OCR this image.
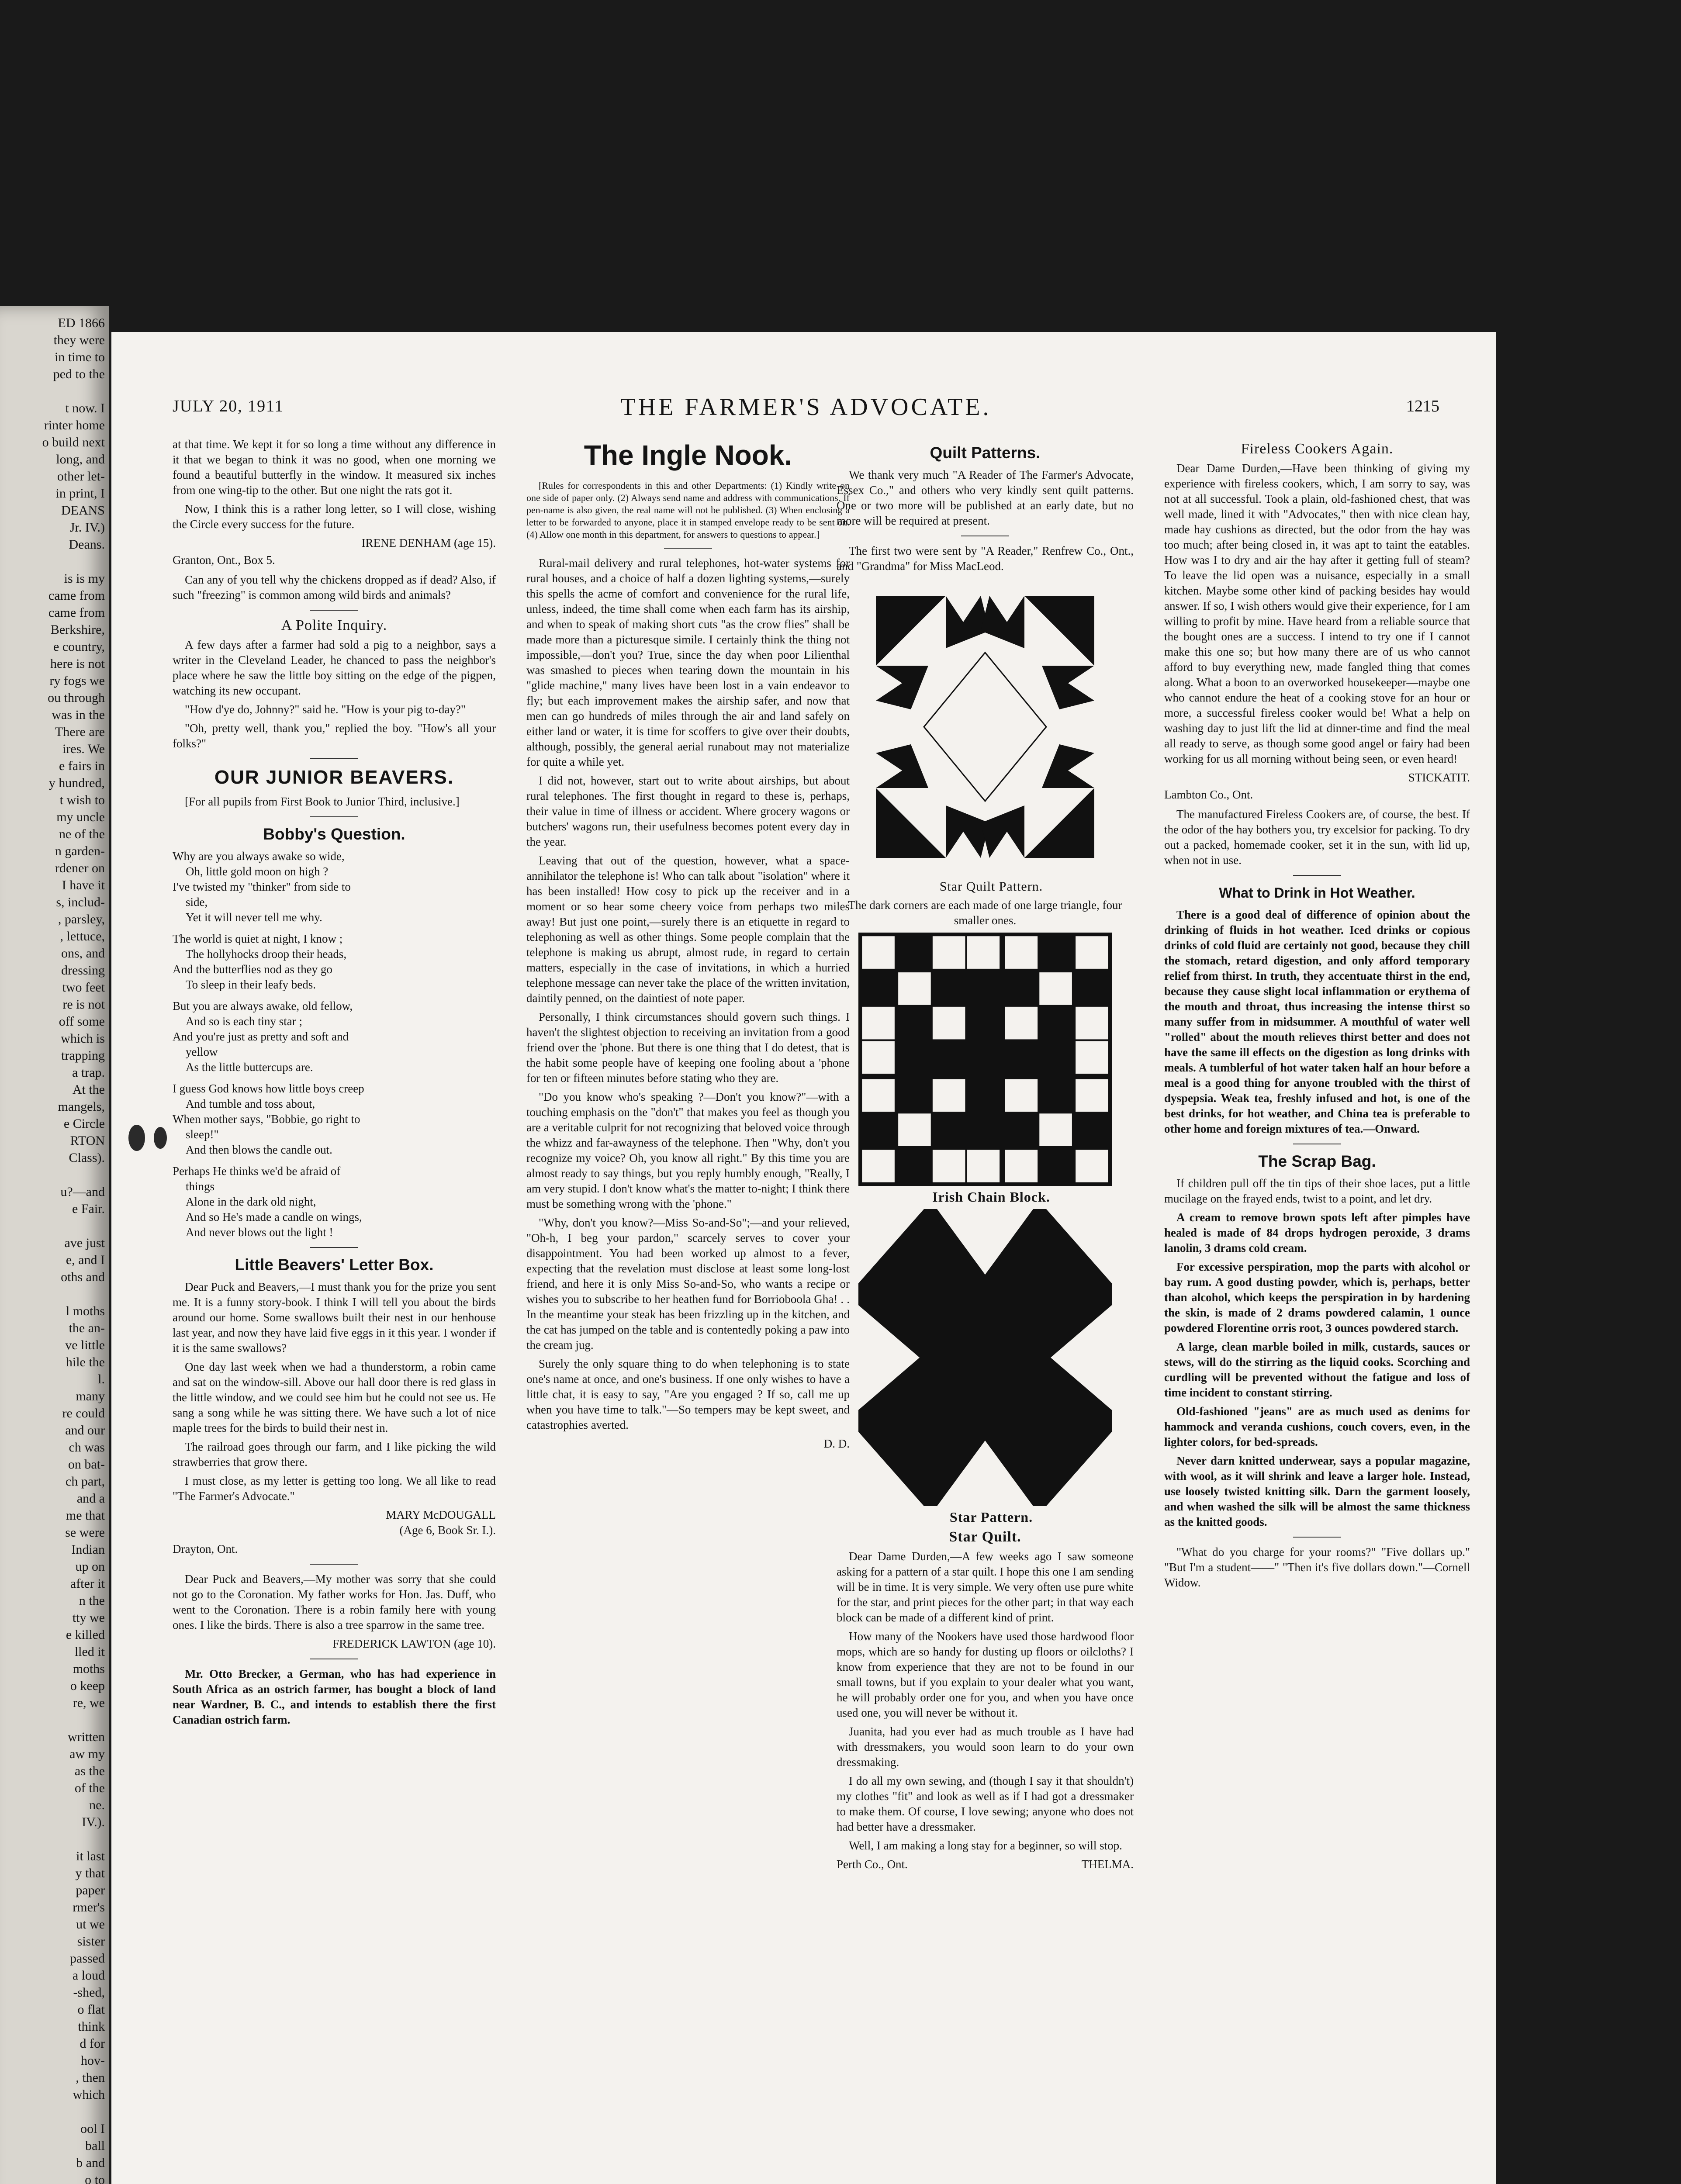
ED 1866
they were
in time to
ped to the
t now. I
rinter home
o build next
long, and
other let-
in print, I
DEANS
Jr. IV.)
Deans.
is is my
came from
came from
Berkshire,
e country,
here is not
ry fogs we
ou through
was in the
There are
ires. We
e fairs in
y hundred,
t wish to
my uncle
ne of the
n garden-
rdener on
I have it
s, includ-
, parsley,
, lettuce,
ons, and
dressing
two feet
re is not
off some
which is
trapping
a trap.
At the
mangels,
e Circle
RTON
Class).
u?—and
e Fair.
ave just
e, and I
oths and
l moths
the an-
ve little
hile the
l.
many
re could
and our
ch was
on bat-
ch part,
and a
me that
se were
Indian
up on
after it
n the
tty we
e killed
lled it
moths
o keep
re, we
written
aw my
as the
of the
ne.
IV.).
it last
y that
paper
rmer's
ut we
sister
passed
a loud
-shed,
o flat
think
d for
hov-
, then
which
ool I
ball
b and
o to
JULY 20, 1911	THE FARMER'S ADVOCATE.	1215

at that time. We kept it for so long a time without any difference in it that we began to think it was no good, when one morning we found a beautiful butterfly in the window. It measured six inches from one wing-tip to the other. But one night the rats got it.

Now, I think this is a rather long letter, so I will close, wishing the Circle every success for the future.

IRENE DENHAM (age 15).

Granton, Ont., Box 5.

Can any of you tell why the chickens dropped as if dead? Also, if such "freezing" is common among wild birds and animals?

A Polite Inquiry.

A few days after a farmer had sold a pig to a neighbor, says a writer in the Cleveland Leader, he chanced to pass the neighbor's place where he saw the little boy sitting on the edge of the pigpen, watching its new occupant.

"How d'ye do, Johnny?" said he. "How is your pig to-day?"

"Oh, pretty well, thank you," replied the boy. "How's all your folks?"

OUR JUNIOR BEAVERS.

[For all pupils from First Book to Junior Third, inclusive.]

Bobby's Question.
Why are you always awake so wide,
Oh, little gold moon on high ?
I've twisted my "thinker" from side to
side,
Yet it will never tell me why.

The world is quiet at night, I know ;
The hollyhocks droop their heads,
And the butterflies nod as they go
To sleep in their leafy beds.

But you are always awake, old fellow,
And so is each tiny star ;
And you're just as pretty and soft and
yellow
As the little buttercups are.

I guess God knows how little boys creep
And tumble and toss about,
When mother says, "Bobbie, go right to
sleep!"
And then blows the candle out.

Perhaps He thinks we'd be afraid of
things
Alone in the dark old night,
And so He's made a candle on wings,
And never blows out the light !
Little Beavers' Letter Box.

Dear Puck and Beavers,—I must thank you for the prize you sent me. It is a funny story-book. I think I will tell you about the birds around our home. Some swallows built their nest in our henhouse last year, and now they have laid five eggs in it this year. I wonder if it is the same swallows?

One day last week when we had a thunderstorm, a robin came and sat on the window-sill. Above our hall door there is red glass in the little window, and we could see him but he could not see us. He sang a song while he was sitting there. We have such a lot of nice maple trees for the birds to build their nest in.

The railroad goes through our farm, and I like picking the wild strawberries that grow there.

I must close, as my letter is getting too long. We all like to read "The Farmer's Advocate."

MARY McDOUGALL
(Age 6, Book Sr. I.).

Drayton, Ont.

Dear Puck and Beavers,—My mother was sorry that she could not go to the Coronation. My father works for Hon. Jas. Duff, who went to the Coronation. There is a robin family here with young ones. I like the birds. There is also a tree sparrow in the same tree.

FREDERICK LAWTON (age 10).

Mr. Otto Brecker, a German, who has had experience in South Africa as an ostrich farmer, has bought a block of land near Wardner, B. C., and intends to establish there the first Canadian ostrich farm.

The Ingle Nook.

[Rules for correspondents in this and other Departments: (1) Kindly write on one side of paper only. (2) Always send name and address with communications. If pen-name is also given, the real name will not be published. (3) When enclosing a letter to be forwarded to anyone, place it in stamped envelope ready to be sent on. (4) Allow one month in this department, for answers to questions to appear.]

Rural-mail delivery and rural telephones, hot-water systems for rural houses, and a choice of half a dozen lighting systems,—surely this spells the acme of comfort and convenience for the rural life, unless, indeed, the time shall come when each farm has its airship, and when to speak of making short cuts "as the crow flies" shall be made more than a picturesque simile. I certainly think the thing not impossible,—don't you? True, since the day when poor Lilienthal was smashed to pieces when tearing down the mountain in his "glide machine," many lives have been lost in a vain endeavor to fly; but each improvement makes the airship safer, and now that men can go hundreds of miles through the air and land safely on either land or water, it is time for scoffers to give over their doubts, although, possibly, the general aerial runabout may not materialize for quite a while yet.

I did not, however, start out to write about airships, but about rural telephones. The first thought in regard to these is, perhaps, their value in time of illness or accident. Where grocery wagons or butchers' wagons run, their usefulness becomes potent every day in the year.

Leaving that out of the question, however, what a space-annihilator the telephone is! Who can talk about "isolation" where it has been installed! How cosy to pick up the receiver and in a moment or so hear some cheery voice from perhaps two miles away! But just one point,—surely there is an etiquette in regard to telephoning as well as other things. Some people complain that the telephone is making us abrupt, almost rude, in regard to certain matters, especially in the case of invitations, in which a hurried telephone message can never take the place of the written invitation, daintily penned, on the daintiest of note paper.

Personally, I think circumstances should govern such things. I haven't the slightest objection to receiving an invitation from a good friend over the 'phone. But there is one thing that I do detest, that is the habit some people have of keeping one fooling about a 'phone for ten or fifteen minutes before stating who they are.

"Do you know who's speaking ?—Don't you know?"—with a touching emphasis on the "don't" that makes you feel as though you are a veritable culprit for not recognizing that beloved voice through the whizz and far-awayness of the telephone. Then "Why, don't you recognize my voice? Oh, you know all right." By this time you are almost ready to say things, but you reply humbly enough, "Really, I am very stupid. I don't know what's the matter to-night; I think there must be something wrong with the 'phone."

"Why, don't you know?—Miss So-and-So";—and your relieved, "Oh-h, I beg your pardon," scarcely serves to cover your disappointment. You had been worked up almost to a fever, expecting that the revelation must disclose at least some long-lost friend, and here it is only Miss So-and-So, who wants a recipe or wishes you to subscribe to her heathen fund for Borrioboola Gha! . . In the meantime your steak has been frizzling up in the kitchen, and the cat has jumped on the table and is contentedly poking a paw into the cream jug.

Surely the only square thing to do when telephoning is to state one's name at once, and one's business. If one only wishes to have a little chat, it is easy to say, "Are you engaged ? If so, call me up when you have time to talk."—So tempers may be kept sweet, and catastrophies averted.

D. D.

Quilt Patterns.

We thank very much "A Reader of The Farmer's Advocate, Essex Co.," and others who very kindly sent quilt patterns. One or two more will be published at an early date, but no more will be required at present.

The first two were sent by "A Reader," Renfrew Co., Ont., and "Grandma" for Miss MacLeod.

Star Quilt Pattern.

The dark corners are each made of one large triangle, four smaller ones.

Irish Chain Block.

Star Pattern.

Star Quilt.

Dear Dame Durden,—A few weeks ago I saw someone asking for a pattern of a star quilt. I hope this one I am sending will be in time. It is very simple. We very often use pure white for the star, and print pieces for the other part; in that way each block can be made of a different kind of print.

How many of the Nookers have used those hardwood floor mops, which are so handy for dusting up floors or oilcloths? I know from experience that they are not to be found in our small towns, but if you explain to your dealer what you want, he will probably order one for you, and when you have once used one, you will never be without it.

Juanita, had you ever had as much trouble as I have had with dressmakers, you would soon learn to do your own dressmaking.

I do all my own sewing, and (though I say it that shouldn't) my clothes "fit" and look as well as if I had got a dressmaker to make them. Of course, I love sewing; anyone who does not had better have a dressmaker.

Well, I am making a long stay for a beginner, so will stop.

Perth Co., Ont.	THELMA.

Fireless Cookers Again.

Dear Dame Durden,—Have been thinking of giving my experience with fireless cookers, which, I am sorry to say, was not at all successful. Took a plain, old-fashioned chest, that was well made, lined it with "Advocates," then with nice clean hay, made hay cushions as directed, but the odor from the hay was too much; after being closed in, it was apt to taint the eatables. How was I to dry and air the hay after it getting full of steam? To leave the lid open was a nuisance, especially in a small kitchen. Maybe some other kind of packing besides hay would answer. If so, I wish others would give their experience, for I am willing to profit by mine. Have heard from a reliable source that the bought ones are a success. I intend to try one if I cannot make this one so; but how many there are of us who cannot afford to buy everything new, made fangled thing that comes along. What a boon to an overworked housekeeper—maybe one who cannot endure the heat of a cooking stove for an hour or more, a successful fireless cooker would be! What a help on washing day to just lift the lid at dinner-time and find the meal all ready to serve, as though some good angel or fairy had been working for us all morning without being seen, or even heard!

STICKATIT.

Lambton Co., Ont.

The manufactured Fireless Cookers are, of course, the best. If the odor of the hay bothers you, try excelsior for packing. To dry out a packed, homemade cooker, set it in the sun, with lid up, when not in use.

What to Drink in Hot Weather.

There is a good deal of difference of opinion about the drinking of fluids in hot weather. Iced drinks or copious drinks of cold fluid are certainly not good, because they chill the stomach, retard digestion, and only afford temporary relief from thirst. In truth, they accentuate thirst in the end, because they cause slight local inflammation or erythema of the mouth and throat, thus increasing the intense thirst so many suffer from in midsummer. A mouthful of water well "rolled" about the mouth relieves thirst better and does not have the same ill effects on the digestion as long drinks with meals. A tumblerful of hot water taken half an hour before a meal is a good thing for anyone troubled with the thirst of dyspepsia. Weak tea, freshly infused and hot, is one of the best drinks, for hot weather, and China tea is preferable to other home and foreign mixtures of tea.—Onward.

The Scrap Bag.

If children pull off the tin tips of their shoe laces, put a little mucilage on the frayed ends, twist to a point, and let dry.

A cream to remove brown spots left after pimples have healed is made of 84 drops hydrogen peroxide, 3 drams lanolin, 3 drams cold cream.

For excessive perspiration, mop the parts with alcohol or bay rum. A good dusting powder, which is, perhaps, better than alcohol, which keeps the perspiration in by hardening the skin, is made of 2 drams powdered calamin, 1 ounce powdered Florentine orris root, 3 ounces powdered starch.

A large, clean marble boiled in milk, custards, sauces or stews, will do the stirring as the liquid cooks. Scorching and curdling will be prevented without the fatigue and loss of time incident to constant stirring.

Old-fashioned "jeans" are as much used as denims for hammock and veranda cushions, couch covers, even, in the lighter colors, for bed-spreads.

Never darn knitted underwear, says a popular magazine, with wool, as it will shrink and leave a larger hole. Instead, use loosely twisted knitting silk. Darn the garment loosely, and when washed the silk will be almost the same thickness as the knitted goods.

"What do you charge for your rooms?" "Five dollars up." "But I'm a student——" "Then it's five dollars down."—Cornell Widow.
